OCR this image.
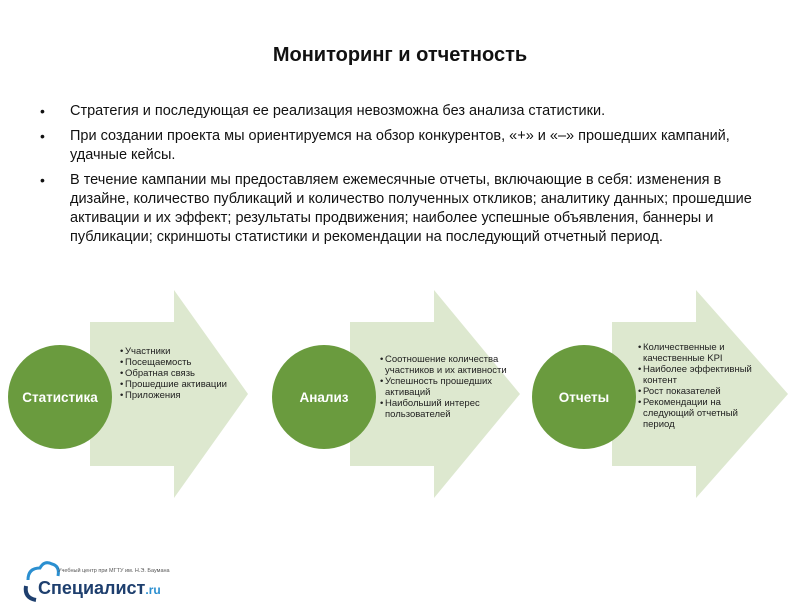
Мониторинг и отчетность
• Стратегия и последующая ее реализация невозможна без анализа статистики.
• При создании проекта мы ориентируемся на обзор конкурентов, «+» и «–» прошедших кампаний, удачные кейсы.
• В течение кампании мы предоставляем ежемесячные отчеты, включающие в себя: изменения в дизайне, количество публикаций и количество полученных откликов; аналитику данных; прошедшие активации и их эффект; результаты продвижения; наиболее успешные объявления, баннеры и публикации; скриншоты статистики и рекомендации на последующий отчетный период.
Статистика
• Участники
• Посещаемость
• Обратная связь
• Прошедшие активации
• Приложения	Анализ
• Соотношение количества участников и их активности
• Успешность прошедших активаций
• Наибольший интерес пользователей
Отчеты
• Количественные и качественные KPI
• Наиболее эффективный контент
• Рост показателей
• Рекомендации на следующий отчетный период
Учебный центр при МГТУ им. Н.Э. Баумана
Специалист.ru
